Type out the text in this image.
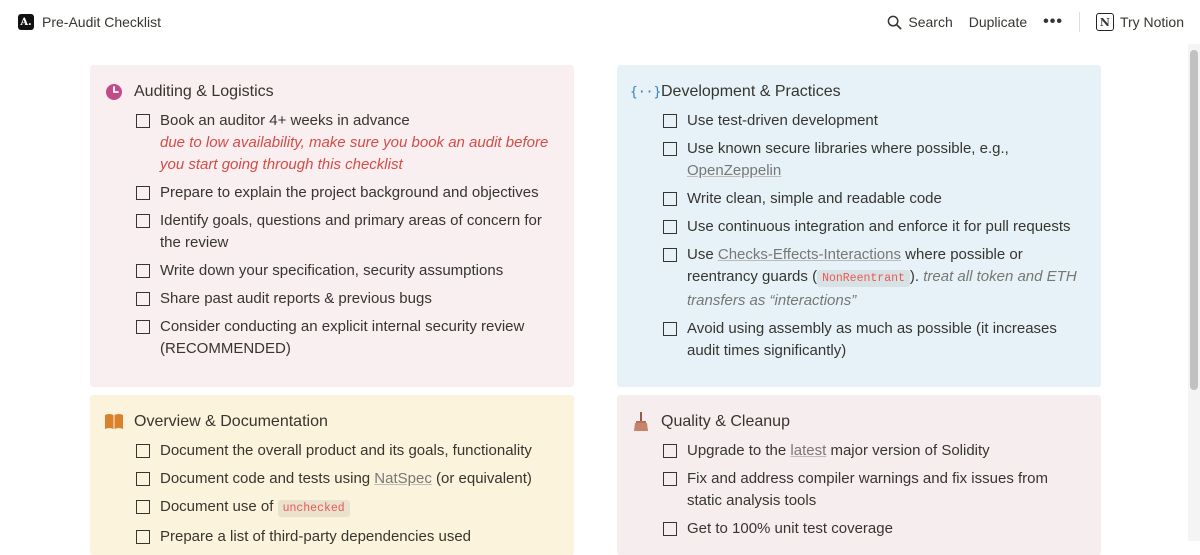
A. Pre-Audit Checklist	Search Duplicate •••	N Try Notion
Auditing & Logistics
Book an auditor 4+ weeks in advance
due to low availability, make sure you book an audit before you start going through this checklist
Prepare to explain the project background and objectives
Identify goals, questions and primary areas of concern for the review
Write down your specification, security assumptions
Share past audit reports & previous bugs
Consider conducting an explicit internal security review (RECOMMENDED)
{··} Development & Practices
Use test-driven development
Use known secure libraries where possible, e.g., OpenZeppelin
Write clean, simple and readable code
Use continuous integration and enforce it for pull requests
Use Checks-Effects-Interactions where possible or reentrancy guards ( NonReentrant ). treat all token and ETH transfers as “interactions”
Avoid using assembly as much as possible (it increases audit times significantly)
Overview & Documentation
Document the overall product and its goals, functionality
Document code and tests using NatSpec (or equivalent)
Document use of unchecked
Prepare a list of third-party dependencies used
Quality & Cleanup
Upgrade to the latest major version of Solidity
Fix and address compiler warnings and fix issues from static analysis tools
Get to 100% unit test coverage
